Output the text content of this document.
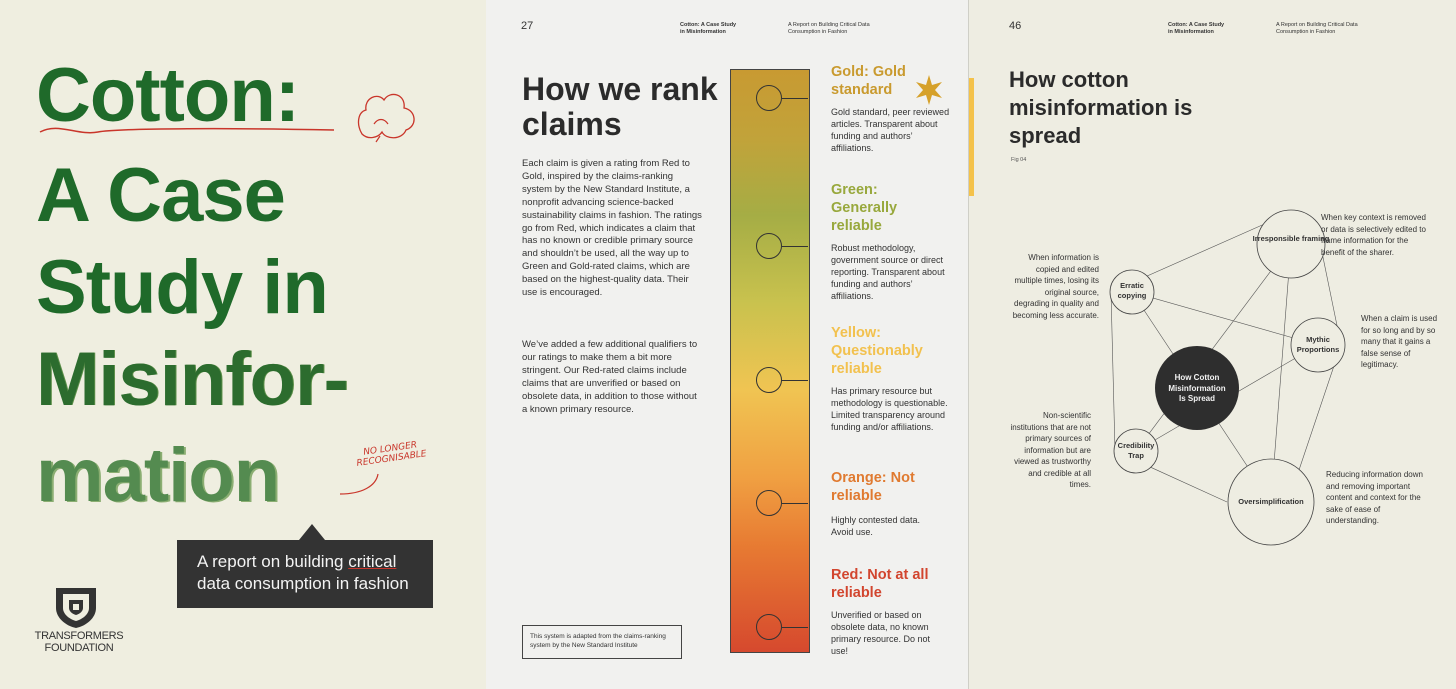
Cotton:
A Case
Study in
Misinfor-
mation	NO LONGER RECOGNISABLE
A report on building critical
data consumption in fashion
TRANSFORMERS
FOUNDATION
27	Cotton: A Case Study in Misinformation
A Report on Building Critical Data Consumption in Fashion
How we rank claims
Each claim is given a rating from Red to Gold, inspired by the claims-ranking system by the New Standard Institute, a nonprofit advancing science-backed sustainability claims in fashion. The ratings go from Red, which indicates a claim that has no known or credible primary source and shouldn’t be used, all the way up to Green and Gold-rated claims, which are based on the highest-quality data. Their use is encouraged.
We’ve added a few additional qualifiers to our ratings to make them a bit more stringent. Our Red-rated claims include claims that are unverified or based on obsolete data, in addition to those without a known primary resource.
This system is adapted from the claims-ranking system by the New Standard Institute
Gold: Gold standard
Gold standard, peer reviewed articles. Transparent about funding and authors’ affiliations.
Green: Generally reliable
Robust methodology, government source or direct reporting. Transparent about funding and authors’ affiliations.
Yellow: Questionably reliable
Has primary resource but methodology is questionable. Limited transparency around funding and/or affiliations.
Orange: Not reliable
Highly contested data. Avoid use.
Red: Not at all reliable
Unverified or based on obsolete data, no known primary resource. Do not use!
46	Cotton: A Case Study in Misinformation
A Report on Building Critical Data Consumption in Fashion
How cotton misinformation is spread
Fig 04
Irresponsible framing
Erratic copying
Mythic Proportions
Credibility Trap
Oversimplification
How Cotton Misinformation Is Spread
When key context is removed or data is selectively edited to frame information for the benefit of the sharer.
When information is copied and edited multiple times, losing its original source, degrading in quality and becoming less accurate.	When a claim is used for so long and by so many that it gains a false sense of legitimacy.
Non-scientific institutions that are not primary sources of information but are viewed as trustworthy and credible at all times.
Reducing information down and removing important content and context for the sake of ease of understanding.
